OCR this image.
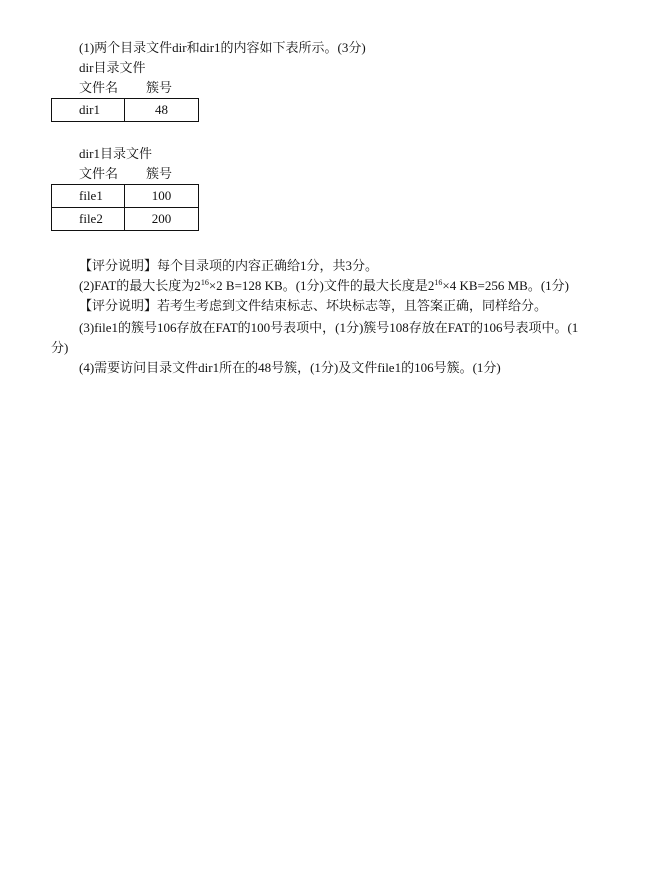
(1)两个目录文件dir和dir1的内容如下表所示。(3分)
dir目录文件
文件名 簇号
dir1	48
dir1目录文件
文件名 簇号
file1	100
file2	200
【评分说明】每个目录项的内容正确给1分，共3分。
(2)FAT的最大长度为$2^{16}\times 2$ B=128 KB。(1分)文件的最大长度是$2^{16}\times 4$ KB=256 MB。(1分)
【评分说明】若考生考虑到文件结束标志、坏块标志等，且答案正确，同样给分。
(3)file1的簇号106存放在FAT的100号表项中，(1分)簇号108存放在FAT的106号表项中。(1
分)
(4)需要访问目录文件dir1所在的48号簇，(1分)及文件file1的106号簇。(1分)
